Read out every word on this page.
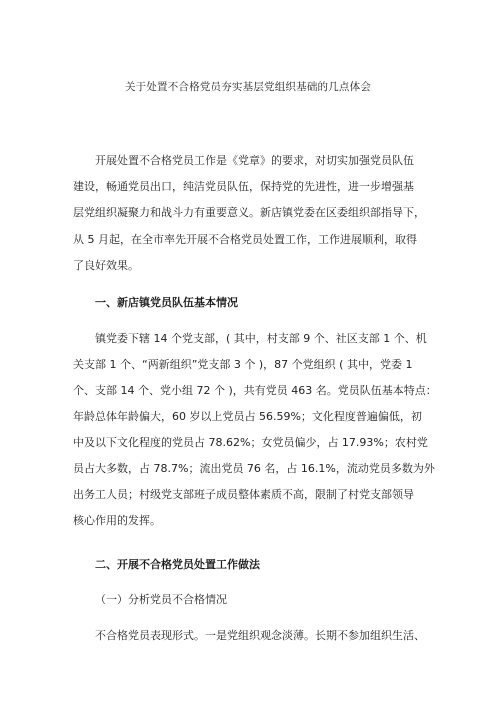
关于处置不合格党员夯实基层党组织基础的几点体会
开展处置不合格党员工作是《党章》的要求，对切实加强党员队伍
建设，畅通党员出口，纯洁党员队伍，保持党的先进性，进一步增强基
层党组织凝聚力和战斗力有重要意义。新店镇党委在区委组织部指导下，
从 5 月起，在全市率先开展不合格党员处置工作，工作进展顺利，取得
了良好效果。
一、新店镇党员队伍基本情况
镇党委下辖 14 个党支部，( 其中，村支部 9 个、社区支部 1 个、机
关支部 1 个、“两新组织”党支部 3 个 )，87 个党组织 ( 其中，党委 1
个、支部 14 个、党小组 72 个 )，共有党员 463 名。党员队伍基本特点：
年龄总体年龄偏大，60 岁以上党员占 56.59%；文化程度普遍偏低，初
中及以下文化程度的党员占 78.62%；女党员偏少，占 17.93%；农村党
员占大多数，占 78.7%；流出党员 76 名，占 16.1%，流动党员多数为外
出务工人员；村级党支部班子成员整体素质不高，限制了村党支部领导
核心作用的发挥。
二、开展不合格党员处置工作做法
（一）分析党员不合格情况
不合格党员表现形式。一是党组织观念淡薄。长期不参加组织生活、
